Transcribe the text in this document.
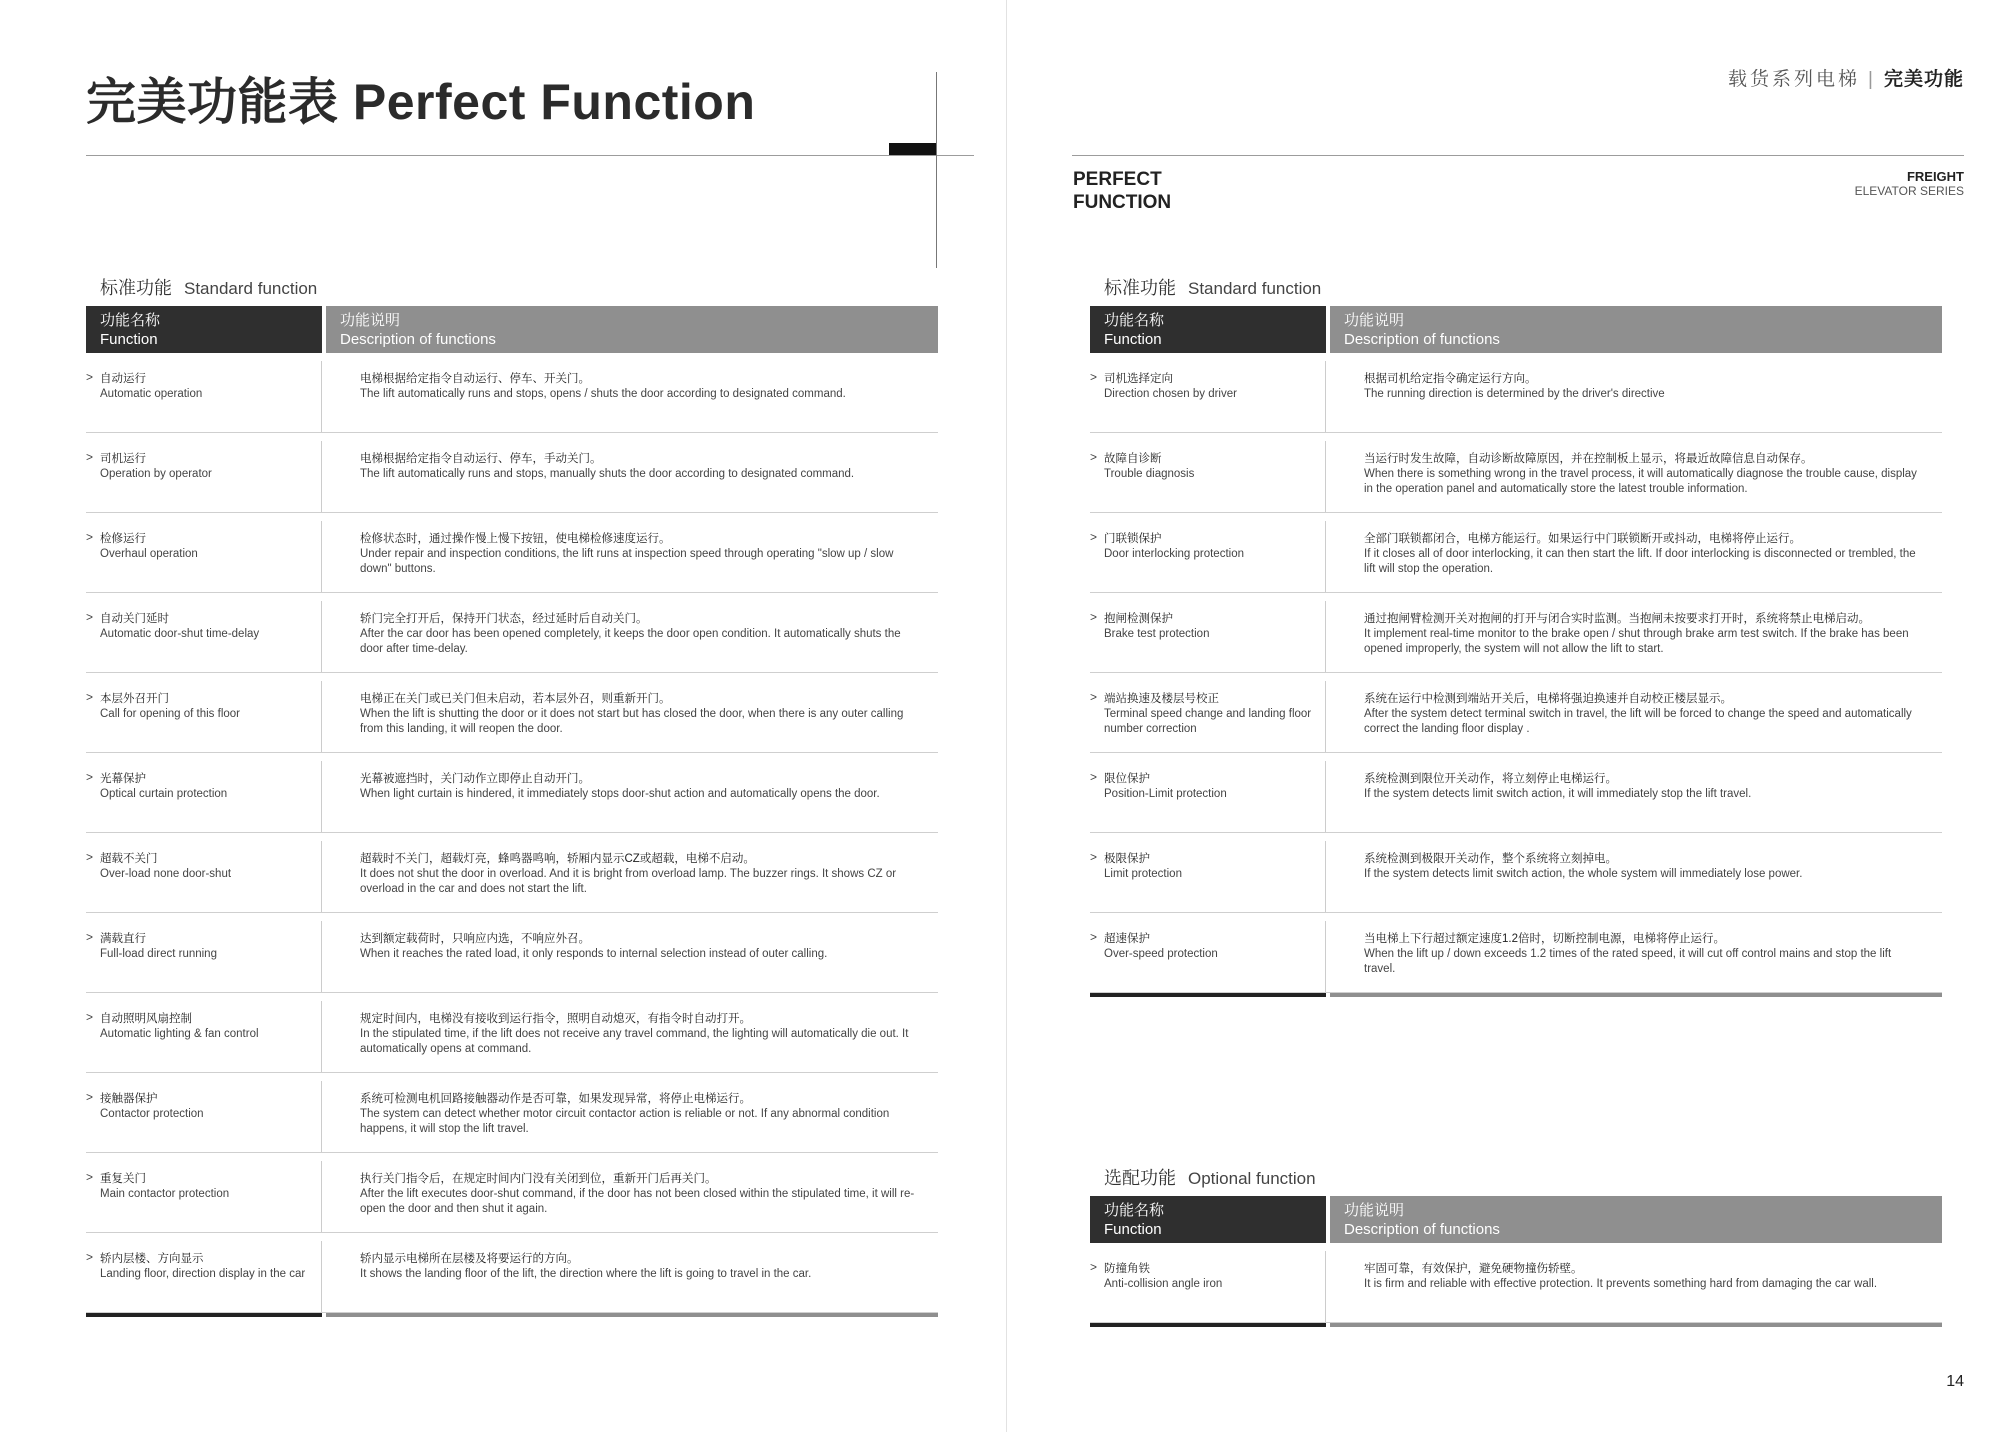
完美功能表 Perfect Function	载货系列电梯 | 完美功能
PERFECT
FUNCTION
FREIGHT
ELEVATOR SERIES
14
标准功能 Standard function
功能名称
Function
功能说明
Description of functions
> 自动运行
Automatic operation
电梯根据给定指令自动运行、停车、开关门。
The lift automatically runs and stops, opens / shuts the door according to designated command.
> 司机运行
Operation by operator
电梯根据给定指令自动运行、停车，手动关门。
The lift automatically runs and stops, manually shuts the door according to designated command.
> 检修运行
Overhaul operation
检修状态时，通过操作慢上慢下按钮，使电梯检修速度运行。
Under repair and inspection conditions, the lift runs at inspection speed through operating "slow up / slow down" buttons.
> 自动关门延时
Automatic door-shut time-delay
轿门完全打开后，保持开门状态，经过延时后自动关门。
After the car door has been opened completely, it keeps the door open condition. It automatically shuts the door after time-delay.
> 本层外召开门
Call for opening of this floor
电梯正在关门或已关门但未启动，若本层外召，则重新开门。
When the lift is shutting the door or it does not start but has closed the door, when there is any outer calling from this landing, it will reopen the door.
> 光幕保护
Optical curtain protection
光幕被遮挡时，关门动作立即停止自动开门。
When light curtain is hindered, it immediately stops door-shut action and automatically opens the door.
> 超载不关门
Over-load none door-shut
超载时不关门，超载灯亮，蜂鸣器鸣响，轿厢内显示CZ或超载，电梯不启动。
It does not shut the door in overload. And it is bright from overload lamp. The buzzer rings. It shows CZ or overload in the car and does not start the lift.
> 满载直行
Full-load direct running
达到额定载荷时，只响应内选，不响应外召。
When it reaches the rated load, it only responds to internal selection instead of outer calling.
> 自动照明风扇控制
Automatic lighting & fan control
规定时间内，电梯没有接收到运行指令，照明自动熄灭，有指令时自动打开。
In the stipulated time, if the lift does not receive any travel command, the lighting will automatically die out. It automatically opens at command.
> 接触器保护
Contactor protection
系统可检测电机回路接触器动作是否可靠，如果发现异常，将停止电梯运行。
The system can detect whether motor circuit contactor action is reliable or not. If any abnormal condition happens, it will stop the lift travel.
> 重复关门
Main contactor protection
执行关门指令后，在规定时间内门没有关闭到位，重新开门后再关门。
After the lift executes door-shut command, if the door has not been closed within the stipulated time, it will re-open the door and then shut it again.
> 轿内层楼、方向显示
Landing floor, direction display in the car
轿内显示电梯所在层楼及将要运行的方向。
It shows the landing floor of the lift, the direction where the lift is going to travel in the car.
标准功能 Standard function
功能名称
Function
功能说明
Description of functions
> 司机选择定向
Direction chosen by driver
根据司机给定指令确定运行方向。
The running direction is determined by the driver's directive
> 故障自诊断
Trouble diagnosis
当运行时发生故障，自动诊断故障原因，并在控制板上显示，将最近故障信息自动保存。
When there is something wrong in the travel process, it will automatically diagnose the trouble cause, display in the operation panel and automatically store the latest trouble information.
> 门联锁保护
Door interlocking protection
全部门联锁都闭合，电梯方能运行。如果运行中门联锁断开或抖动，电梯将停止运行。
If it closes all of door interlocking, it can then start the lift. If door interlocking is disconnected or trembled, the lift will stop the operation.
> 抱闸检测保护
Brake test protection
通过抱闸臂检测开关对抱闸的打开与闭合实时监测。当抱闸未按要求打开时，系统将禁止电梯启动。
It implement real-time monitor to the brake open / shut through brake arm test switch. If the brake has been opened improperly, the system will not allow the lift to start.
> 端站换速及楼层号校正
Terminal speed change and landing floor number correction
系统在运行中检测到端站开关后，电梯将强迫换速并自动校正楼层显示。
After the system detect terminal switch in travel, the lift will be forced to change the speed and automatically correct the landing floor display .
> 限位保护
Position-Limit protection
系统检测到限位开关动作，将立刻停止电梯运行。
If the system detects limit switch action, it will immediately stop the lift travel.
> 极限保护
Limit protection
系统检测到极限开关动作，整个系统将立刻掉电。
If the system detects limit switch action, the whole system will immediately lose power.
> 超速保护
Over-speed protection
当电梯上下行超过额定速度1.2倍时，切断控制电源，电梯将停止运行。
When the lift up / down exceeds 1.2 times of the rated speed, it will cut off control mains and stop the lift travel.
选配功能 Optional function
功能名称
Function
功能说明
Description of functions
> 防撞角铁
Anti-collision angle iron
牢固可靠，有效保护，避免硬物撞伤轿壁。
It is firm and reliable with effective protection. It prevents something hard from damaging the car wall.
